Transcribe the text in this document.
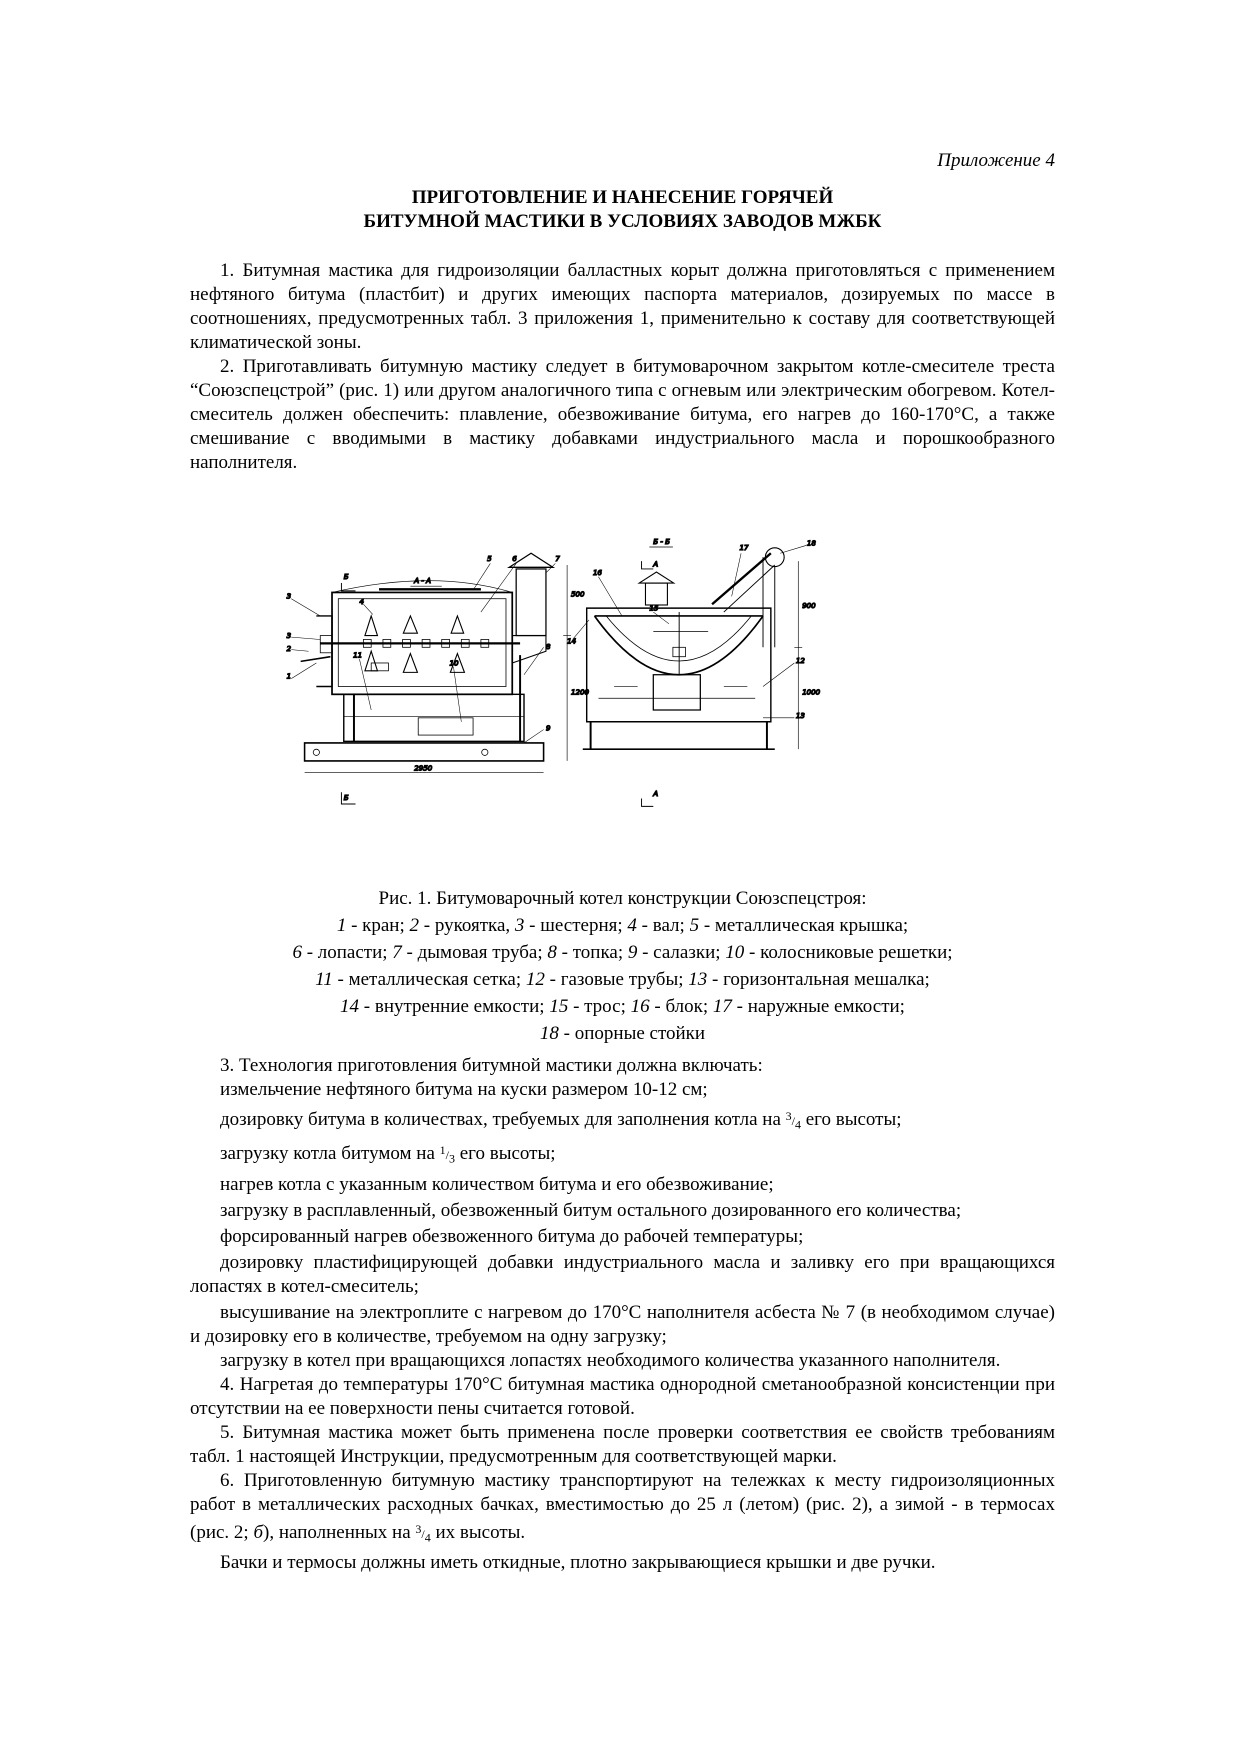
Приложение 4
ПРИГОТОВЛЕНИЕ И НАНЕСЕНИЕ ГОРЯЧЕЙ
БИТУМНОЙ МАСТИКИ В УСЛОВИЯХ ЗАВОДОВ МЖБК

1. Битумная мастика для гидроизоляции балластных корыт должна приготовляться с применением нефтяного битума (пластбит) и других имеющих паспорта материалов, дозируемых по массе в соотношениях, предусмотренных табл. 3 приложения 1, применительно к составу для соответствующей климатической зоны.

2. Приготавливать битумную мастику следует в битумоварочном закрытом котле-смесителе треста “Союзспецстрой” (рис. 1) или другом аналогичного типа с огневым или электрическим обогревом. Котел-смеситель должен обеспечить: плавление, обезвоживание битума, его нагрев до 160-170°С, а также смешивание с вводимыми в мастику добавками индустриального масла и порошкообразного наполнителя.

А - А
2950
1200
500
Б
Б
3
3
2
1
4
5 6	7
8
9
10
11
Б - Б
А
900
1000
А
16
15
17
18
14
12
13
Рис. 1. Битумоварочный котел конструкции Союзспецстроя:
1 - кран; 2 - рукоятка, 3 - шестерня; 4 - вал; 5 - металлическая крышка;
6 - лопасти; 7 - дымовая труба; 8 - топка; 9 - салазки; 10 - колосниковые решетки;
11 - металлическая сетка; 12 - газовые трубы; 13 - горизонтальная мешалка;
14 - внутренние емкости; 15 - трос; 16 - блок; 17 - наружные емкости;
18 - опорные стойки

3. Технология приготовления битумной мастики должна включать:

измельчение нефтяного битума на куски размером 10-12 см;

дозировку битума в количествах, требуемых для заполнения котла на $^3/_4$ его высоты;

загрузку котла битумом на $^1/_3$ его высоты;

нагрев котла с указанным количеством битума и его обезвоживание;

загрузку в расплавленный, обезвоженный битум остального дозированного его количества;

форсированный нагрев обезвоженного битума до рабочей температуры;

дозировку пластифицирующей добавки индустриального масла и заливку его при вращающихся лопастях в котел-смеситель;

высушивание на электроплите с нагревом до 170°С наполнителя асбеста № 7 (в необходимом случае) и дозировку его в количестве, требуемом на одну загрузку;

загрузку в котел при вращающихся лопастях необходимого количества указанного наполнителя.

4. Нагретая до температуры 170°С битумная мастика однородной сметанообразной консистенции при отсутствии на ее поверхности пены считается готовой.

5. Битумная мастика может быть применена после проверки соответствия ее свойств требованиям табл. 1 настоящей Инструкции, предусмотренным для соответствующей марки.

6. Приготовленную битумную мастику транспортируют на тележках к месту гидроизоляционных работ в металлических расходных бачках, вместимостью до 25 л (летом) (рис. 2), а зимой - в термосах (рис. 2; б), наполненных на $^3/_4$ их высоты.

Бачки и термосы должны иметь откидные, плотно закрывающиеся крышки и две ручки.
